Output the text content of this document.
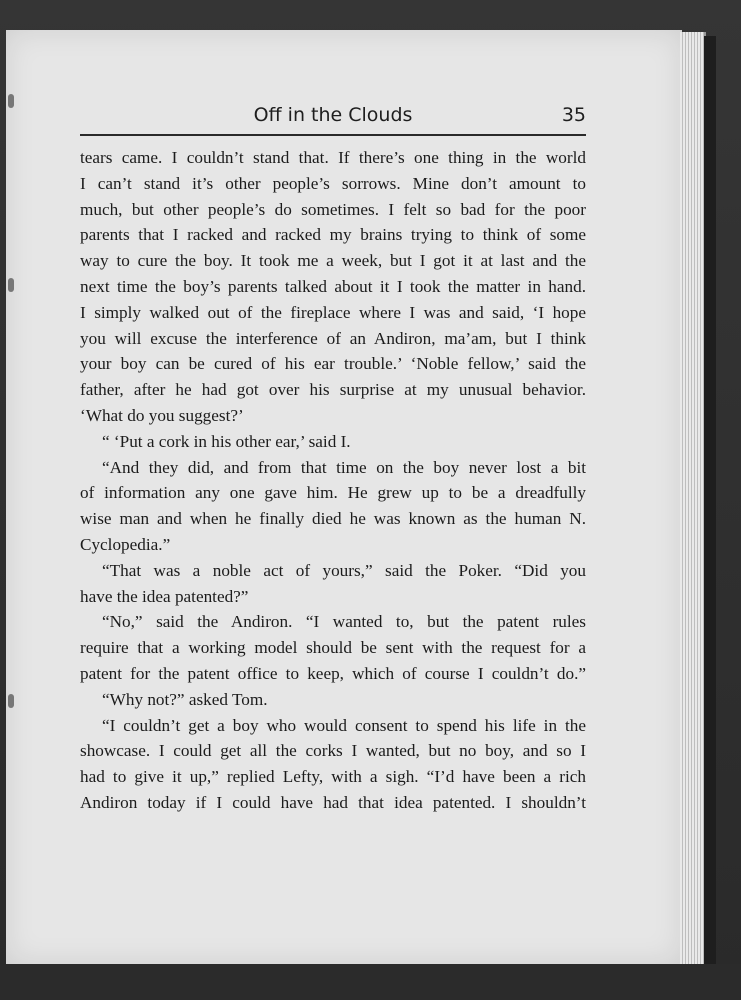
Off in the Clouds	35
tears came. I couldn’t stand that. If there’s one thing in the world
I can’t stand it’s other people’s sorrows. Mine don’t amount to
much, but other people’s do sometimes. I felt so bad for the poor
parents that I racked and racked my brains trying to think of some
way to cure the boy. It took me a week, but I got it at last and the
next time the boy’s parents talked about it I took the matter in hand.
I simply walked out of the fireplace where I was and said, ‘I hope
you will excuse the interference of an Andiron, ma’am, but I think
your boy can be cured of his ear trouble.’ ‘Noble fellow,’ said the
father, after he had got over his surprise at my unusual behavior.
‘What do you suggest?’
“ ‘Put a cork in his other ear,’ said I.
“And they did, and from that time on the boy never lost a bit
of information any one gave him. He grew up to be a dreadfully
wise man and when he finally died he was known as the human N.
Cyclopedia.”
“That was a noble act of yours,” said the Poker. “Did you
have the idea patented?”
“No,” said the Andiron. “I wanted to, but the patent rules
require that a working model should be sent with the request for a
patent for the patent office to keep, which of course I couldn’t do.”
“Why not?” asked Tom.
“I couldn’t get a boy who would consent to spend his life in the
showcase. I could get all the corks I wanted, but no boy, and so I
had to give it up,” replied Lefty, with a sigh. “I’d have been a rich
Andiron today if I could have had that idea patented. I shouldn’t
